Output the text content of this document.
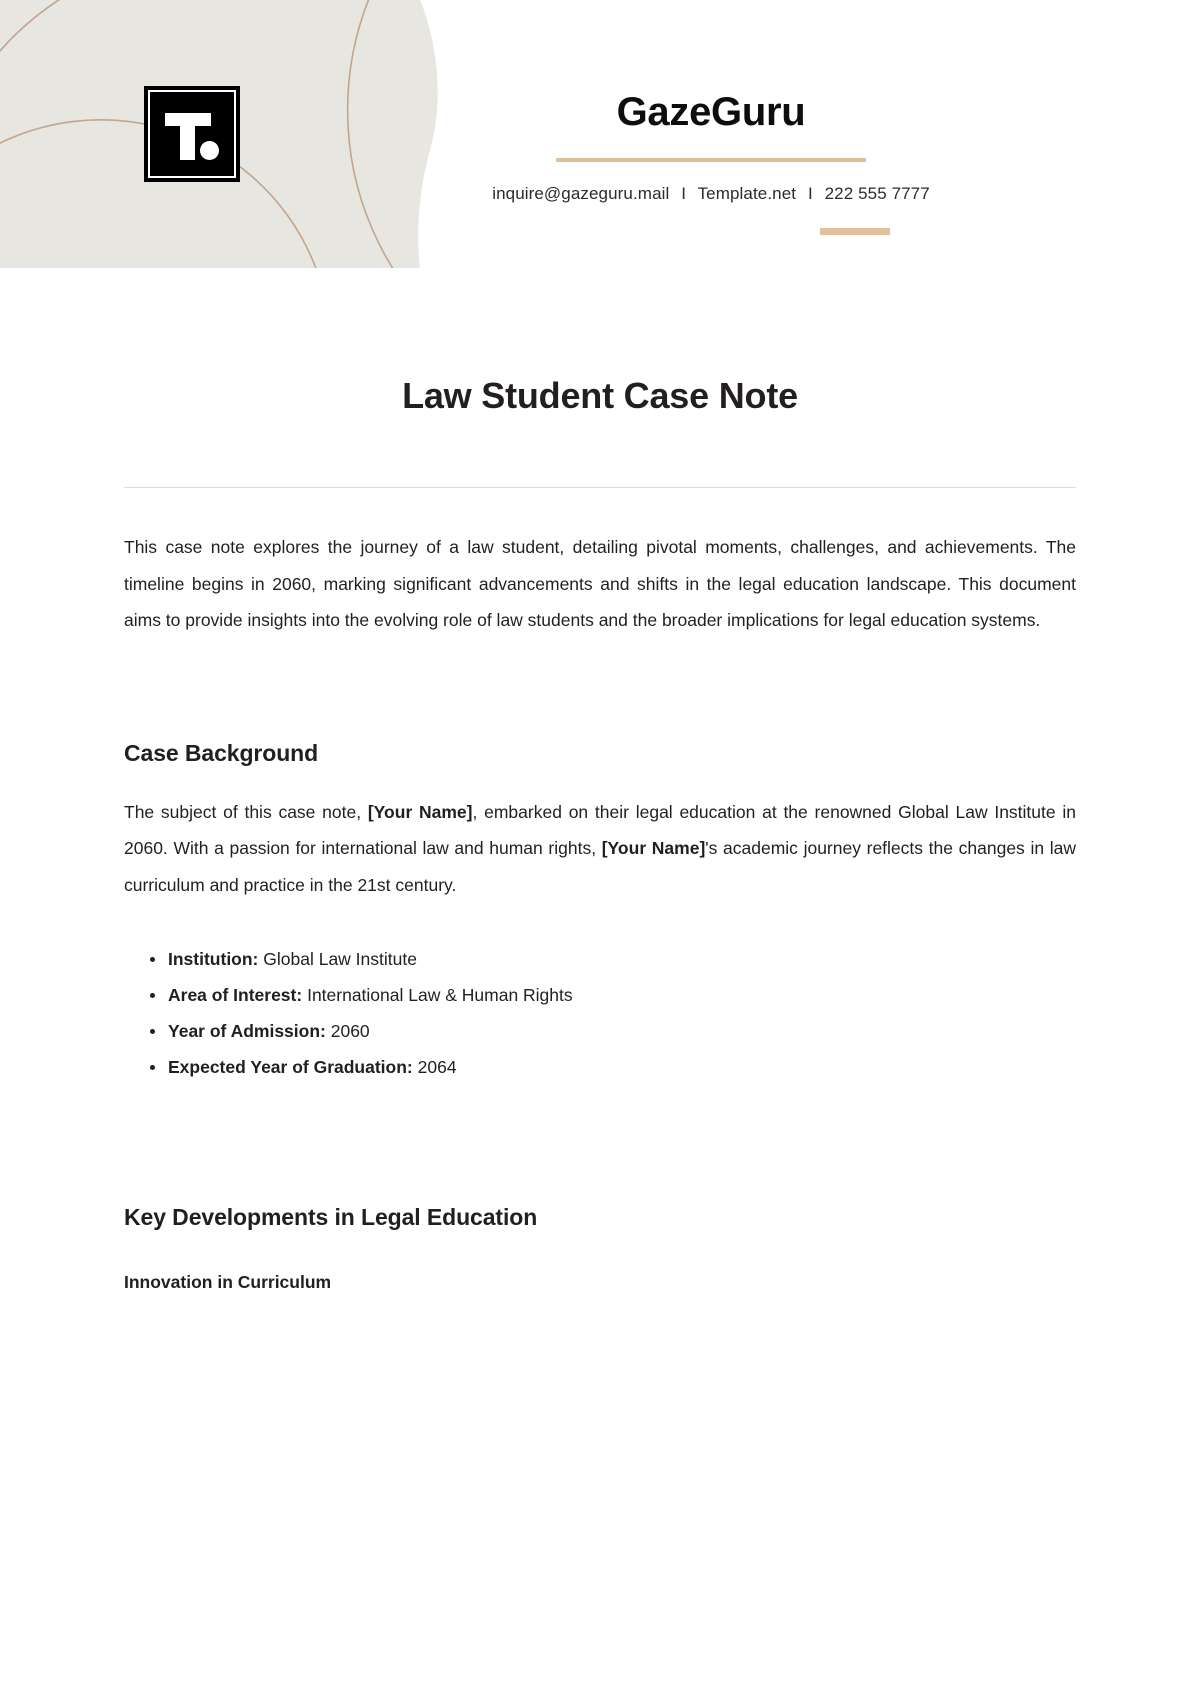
GazeGuru
inquire@gazeguru.mail I Template.net I 222 555 7777
Law Student Case Note

This case note explores the journey of a law student, detailing pivotal moments, challenges, and achievements. The timeline begins in 2060, marking significant advancements and shifts in the legal education landscape. This document aims to provide insights into the evolving role of law students and the broader implications for legal education systems.

Case Background

The subject of this case note, [Your Name], embarked on their legal education at the renowned Global Law Institute in 2060. With a passion for international law and human rights, [Your Name]'s academic journey reflects the changes in law curriculum and practice in the 21st century.

Institution: Global Law Institute
Area of Interest: International Law & Human Rights
Year of Admission: 2060
Expected Year of Graduation: 2064
Key Developments in Legal Education
Innovation in Curriculum
